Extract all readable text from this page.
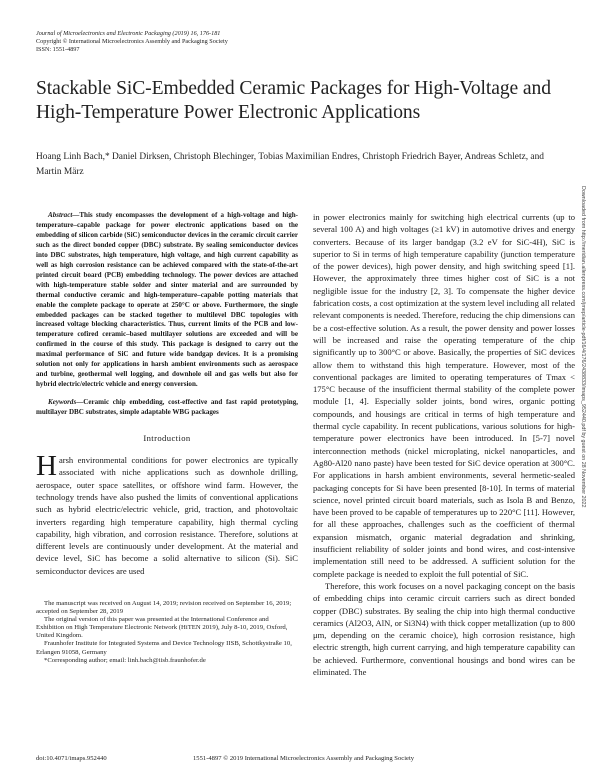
Journal of Microelectronics and Electronic Packaging (2019) 16, 176-181
Copyright © International Microelectronics Assembly and Packaging Society
ISSN: 1551-4897
Stackable SiC-Embedded Ceramic Packages for High-Voltage and High-Temperature Power Electronic Applications
Hoang Linh Bach,* Daniel Dirksen, Christoph Blechinger, Tobias Maximilian Endres, Christoph Friedrich Bayer, Andreas Schletz, and Martin März

Abstract—This study encompasses the development of a high-voltage and high-temperature–capable package for power electronic applications based on the embedding of silicon carbide (SiC) semiconductor devices in the ceramic circuit carrier such as the direct bonded copper (DBC) substrate. By sealing semiconductor devices into DBC substrates, high temperature, high voltage, and high current capability as well as high corrosion resistance can be achieved compared with the state-of-the-art printed circuit board (PCB) embedding technology. The power devices are attached with high-temperature stable solder and sinter material and are surrounded by thermal conductive ceramic and high-temperature–capable potting materials that enable the complete package to operate at 250°C or above. Furthermore, the single embedded packages can be stacked together to multilevel DBC topologies with increased voltage blocking characteristics. Thus, current limits of the PCB and low-temperature cofired ceramic–based multilayer solutions are exceeded and will be confirmed in the course of this study. This package is designed to carry out the maximal performance of SiC and future wide bandgap devices. It is a promising solution not only for applications in harsh ambient environments such as aerospace and turbine, geothermal well logging, and downhole oil and gas wells but also for hybrid electric/electric vehicle and energy conversion.

Keywords—Ceramic chip embedding, cost-effective and fast rapid prototyping, multilayer DBC substrates, simple adaptable WBG packages

Introduction

Harsh environmental conditions for power electronics are typically associated with niche applications such as downhole drilling, aerospace, outer space satellites, or offshore wind farm. However, the technology trends have also pushed the limits of conventional applications such as hybrid electric/electric vehicle, grid, traction, and photovoltaic inverters regarding high temperature capability, high thermal cycling capability, high vibration, and corrosion resistance. Therefore, solutions at different levels are continuously under development. At the material and device level, SiC has become a solid alternative to silicon (Si). SiC semiconductor devices are used

in power electronics mainly for switching high electrical currents (up to several 100 A) and high voltages (≥1 kV) in automotive drives and energy converters. Because of its larger bandgap (3.2 eV for SiC-4H), SiC is superior to Si in terms of high temperature capability (junction temperature of the power devices), high power density, and high switching speed [1]. However, the approximately three times higher cost of SiC is a not negligible issue for the industry [2, 3]. To compensate the higher device fabrication costs, a cost optimization at the system level including all related relevant components is needed. Therefore, reducing the chip dimensions can be a cost-effective solution. As a result, the power density and power losses will be increased and raise the operating temperature of the chip significantly up to 300°C or above. Basically, the properties of SiC devices allow them to withstand this high temperature. However, most of the conventional packages are limited to operating temperatures of Tmax < 175°C because of the insufficient thermal stability of the complete power module [1, 4]. Especially solder joints, bond wires, organic potting compounds, and housings are critical in terms of high temperature and thermal cycle capability. In recent publications, various solutions for high-temperature power electronics have been introduced. In [5-7] novel interconnection methods (nickel microplating, nickel nanoparticles, and Ag80-Al20 nano paste) have been tested for SiC device operation at 300°C. For applications in harsh ambient environments, several hermetic-sealed packaging concepts for Si have been presented [8-10]. In terms of material science, novel printed circuit board materials, such as Isola B and Benzo, have been proved to be capable of temperatures up to 220°C [11]. However, for all these approaches, challenges such as the coefficient of thermal expansion mismatch, organic material degradation and shrinking, insufficient reliability of solder joints and bond wires, and cost-intensive implementation still need to be addressed. A sufficient solution for the complete package is needed to exploit the full potential of SiC.

Therefore, this work focuses on a novel packaging concept on the basis of embedding chips into ceramic circuit carriers such as direct bonded copper (DBC) substrates. By sealing the chip into high thermal conductive ceramics (Al2O3, AlN, or Si3N4) with thick copper metallization (up to 800 μm, depending on the ceramic choice), high corrosion resistance, high electric strength, high current carrying, and high temperature capability can be achieved. Furthermore, conventional housings and bond wires can be eliminated. The

The manuscript was received on August 14, 2019; revision received on September 16, 2019; accepted on September 28, 2019

The original version of this paper was presented at the International Conference and Exhibition on High Temperature Electronic Network (HiTEN 2019), July 8-10, 2019, Oxford, United Kingdom.

Fraunhofer Institute for Integrated Systems and Device Technology IISB, Schottkystraße 10, Erlangen 91058, Germany

*Corresponding author; email: linh.bach@iisb.fraunhofer.de

doi:10.4071/imaps.952440	1551-4897 © 2019 International Microelectronics Assembly and Packaging Society
Downloaded from http://meridian.allenpress.com/jmep/article-pdf/16/4/176/2438833/imaps_952440.pdf by guest on 28 November 2022
